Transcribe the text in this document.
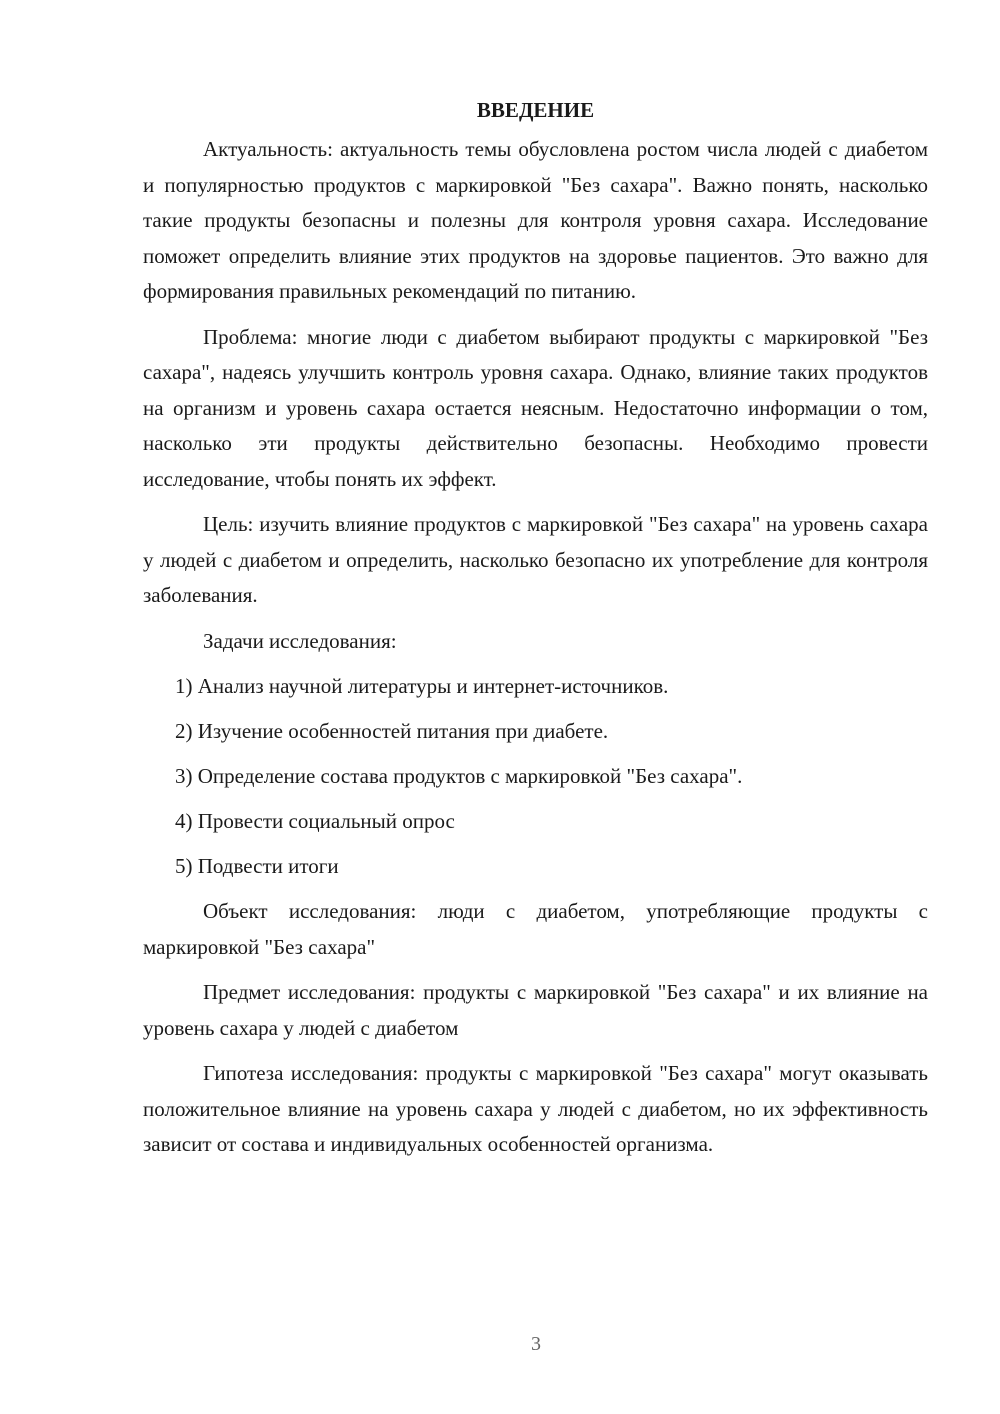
ВВЕДЕНИЕ

Актуальность: актуальность темы обусловлена ростом числа людей с диабетом и популярностью продуктов с маркировкой "Без сахара". Важно понять, насколько такие продукты безопасны и полезны для контроля уровня сахара. Исследование поможет определить влияние этих продуктов на здоровье пациентов. Это важно для формирования правильных рекомендаций по питанию.

Проблема: многие люди с диабетом выбирают продукты с маркировкой "Без сахара", надеясь улучшить контроль уровня сахара. Однако, влияние таких продуктов на организм и уровень сахара остается неясным. Недостаточно информации о том, насколько эти продукты действительно безопасны. Необходимо провести исследование, чтобы понять их эффект.

Цель: изучить влияние продуктов с маркировкой "Без сахара" на уровень сахара у людей с диабетом и определить, насколько безопасно их употребление для контроля заболевания.

Задачи исследования:

1) Анализ научной литературы и интернет-источников.
2) Изучение особенностей питания при диабете.
3) Определение состава продуктов с маркировкой "Без сахара".
4) Провести социальный опрос
5) Подвести итоги

Объект исследования: люди с диабетом, употребляющие продукты с маркировкой "Без сахара"

Предмет исследования: продукты с маркировкой "Без сахара" и их влияние на уровень сахара у людей с диабетом

Гипотеза исследования: продукты с маркировкой "Без сахара" могут оказывать положительное влияние на уровень сахара у людей с диабетом, но их эффективность зависит от состава и индивидуальных особенностей организма.

3
